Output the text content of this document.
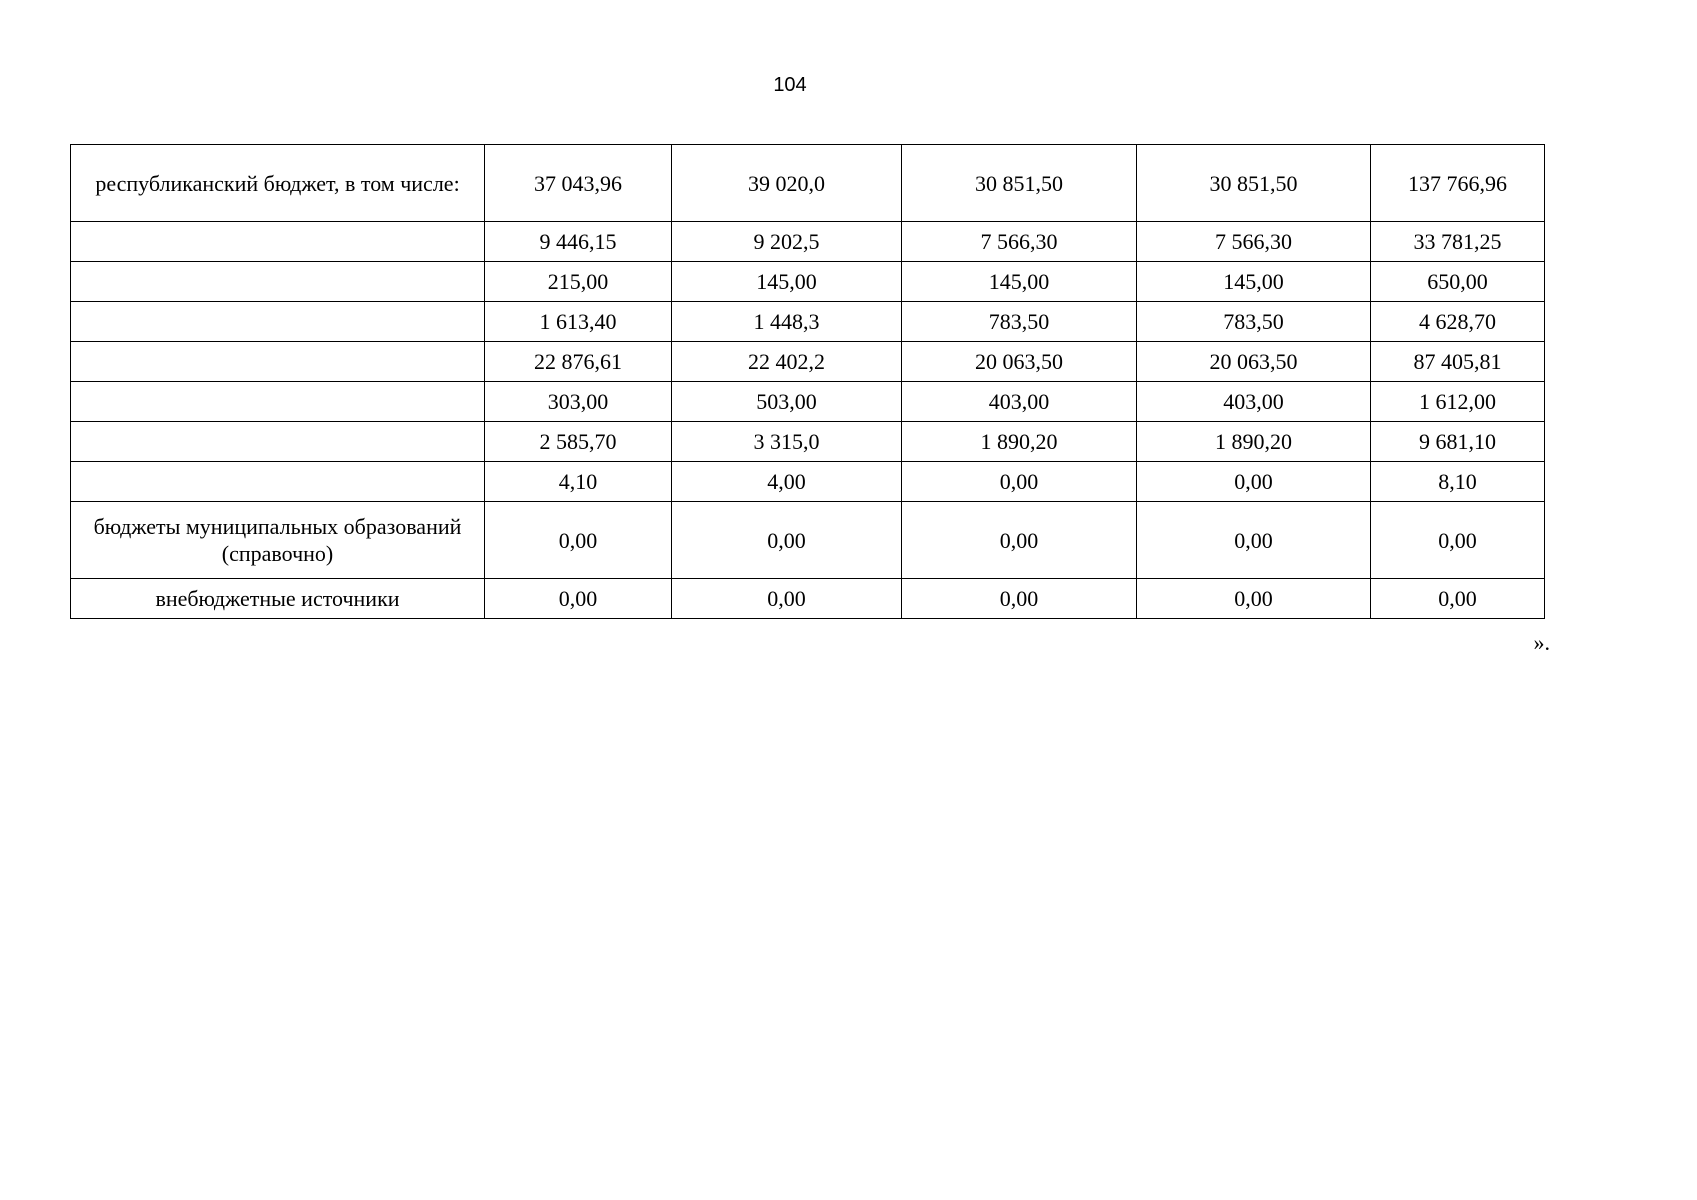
104
республиканский бюджет, в том числе:	37 043,96	39 020,0	30 851,50	30 851,50	137 766,96
	9 446,15	9 202,5	7 566,30	7 566,30	33 781,25
	215,00	145,00	145,00	145,00	650,00
	1 613,40	1 448,3	783,50	783,50	4 628,70
	22 876,61	22 402,2	20 063,50	20 063,50	87 405,81
	303,00	503,00	403,00	403,00	1 612,00
	2 585,70	3 315,0	1 890,20	1 890,20	9 681,10
	4,10	4,00	0,00	0,00	8,10
бюджеты муниципальных образований (справочно)	0,00	0,00	0,00	0,00	0,00
внебюджетные источники	0,00	0,00	0,00	0,00	0,00
».
